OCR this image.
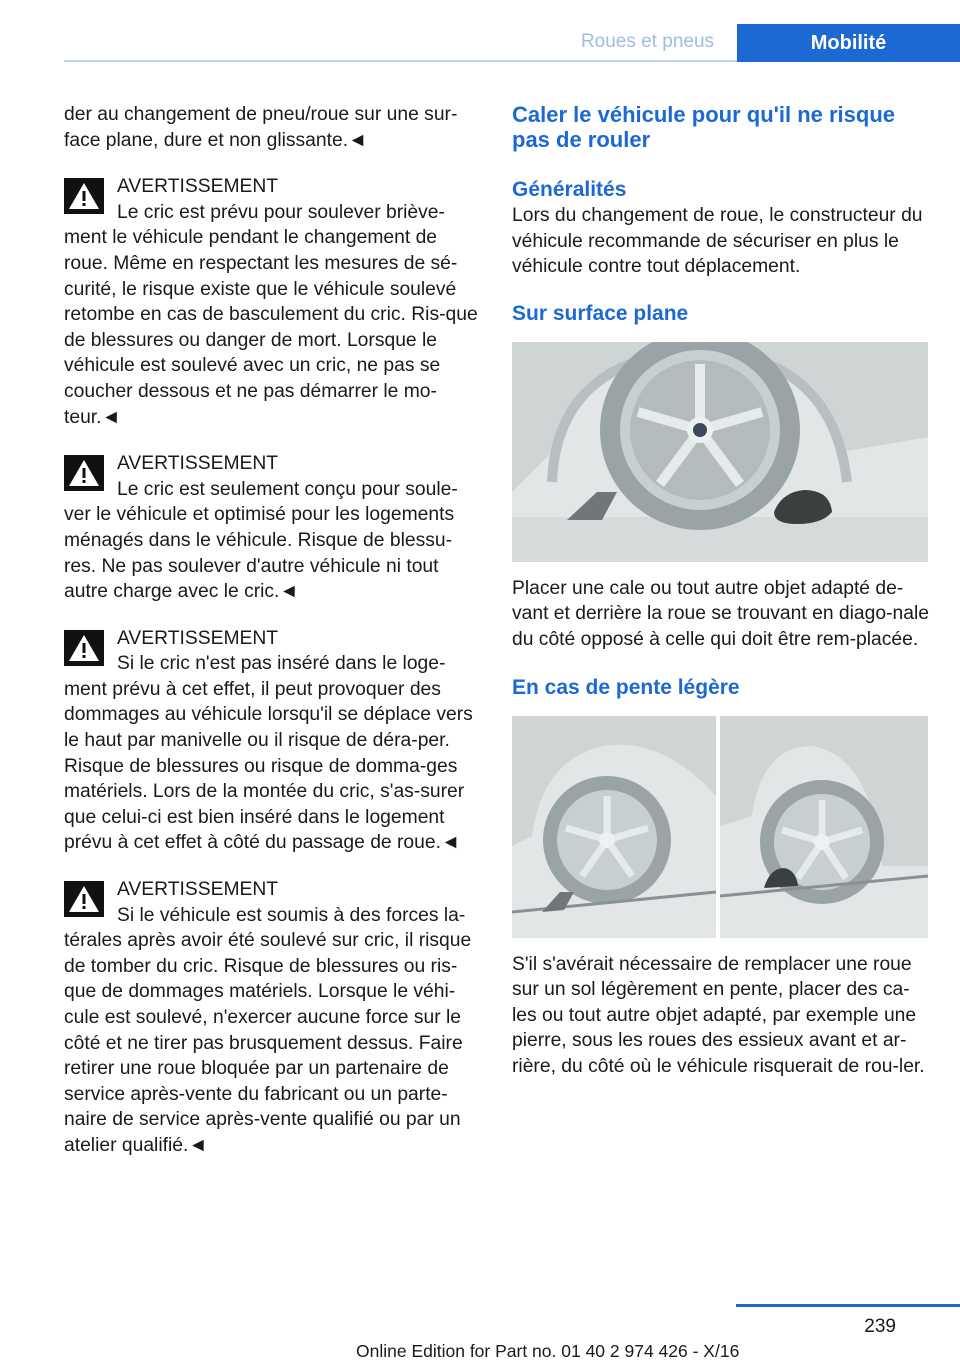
Roues et pneus	Mobilité

der au changement de pneu/roue sur une sur-face plane, dure et non glissante.◄

AVERTISSEMENT

Le cric est prévu pour soulever briève-
ment le véhicule pendant le changement de roue. Même en respectant les mesures de sé-curité, le risque existe que le véhicule soulevé retombe en cas de basculement du cric. Ris-que de blessures ou danger de mort. Lorsque le véhicule est soulevé avec un cric, ne pas se coucher dessous et ne pas démarrer le mo-teur.◄

AVERTISSEMENT

Le cric est seulement conçu pour soule-
ver le véhicule et optimisé pour les logements ménagés dans le véhicule. Risque de blessu-res. Ne pas soulever d'autre véhicule ni tout autre charge avec le cric.◄

AVERTISSEMENT

Si le cric n'est pas inséré dans le loge-
ment prévu à cet effet, il peut provoquer des dommages au véhicule lorsqu'il se déplace vers le haut par manivelle ou il risque de déra-per. Risque de blessures ou risque de domma-ges matériels. Lors de la montée du cric, s'as-surer que celui-ci est bien inséré dans le logement prévu à cet effet à côté du passage de roue.◄

AVERTISSEMENT

Si le véhicule est soumis à des forces la-
térales après avoir été soulevé sur cric, il risque de tomber du cric. Risque de blessures ou ris-que de dommages matériels. Lorsque le véhi-cule est soulevé, n'exercer aucune force sur le côté et ne tirer pas brusquement dessus. Faire retirer une roue bloquée par un partenaire de service après-vente du fabricant ou un parte-naire de service après-vente qualifié ou par un atelier qualifié.◄

Caler le véhicule pour qu'il ne risque pas de rouler
Généralités

Lors du changement de roue, le constructeur du véhicule recommande de sécuriser en plus le véhicule contre tout déplacement.

Sur surface plane

Placer une cale ou tout autre objet adapté de-vant et derrière la roue se trouvant en diago-nale du côté opposé à celle qui doit être rem-placée.

En cas de pente légère

S'il s'avérait nécessaire de remplacer une roue sur un sol légèrement en pente, placer des ca-les ou tout autre objet adapté, par exemple une pierre, sous les roues des essieux avant et ar-rière, du côté où le véhicule risquerait de rou-ler.

239
Online Edition for Part no. 01 40 2 974 426 - X/16
